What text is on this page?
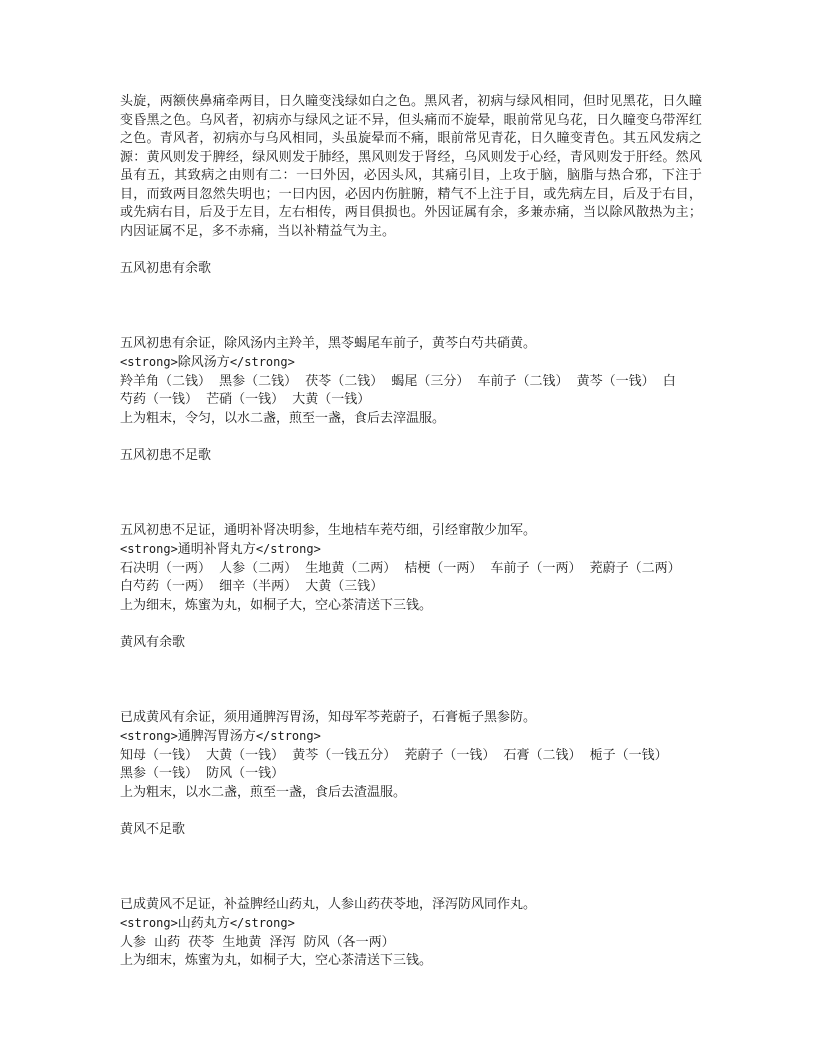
头旋，两额侠鼻痛牵两目，日久瞳变浅绿如白之色。黑风者，初病与绿风相同，但时见黑花，日久瞳变昏黑之色。乌风者，初病亦与绿风之证不异，但头痛而不旋晕，眼前常见乌花，日久瞳变乌带浑红之色。青风者，初病亦与乌风相同，头虽旋晕而不痛，眼前常见青花，日久瞳变青色。其五风发病之源：黄风则发于脾经，绿风则发于肺经，黑风则发于肾经，乌风则发于心经，青风则发于肝经。然风虽有五，其致病之由则有二：一曰外因，必因头风，其痛引目，上攻于脑，脑脂与热合邪，下注于目，而致两目忽然失明也；一曰内因，必因内伤脏腑，精气不上注于目，或先病左目，后及于右目，或先病右目，后及于左目，左右相传，两目俱损也。外因证属有余，多兼赤痛，当以除风散热为主；内因证属不足，多不赤痛，当以补精益气为主。

五风初患有余歌

五风初患有余证，除风汤内主羚羊，黑苓蝎尾车前子，黄芩白芍共硝黄。

<strong>除风汤方</strong>

羚羊角（二钱） 黑参（二钱） 茯苓（二钱） 蝎尾（三分） 车前子（二钱） 黄芩（一钱） 白

芍药（一钱） 芒硝（一钱） 大黄（一钱）

上为粗末，令匀，以水二盏，煎至一盏，食后去滓温服。

五风初患不足歌

五风初患不足证，通明补肾决明参，生地桔车茺芍细，引经窜散少加军。

<strong>通明补肾丸方</strong>

石决明（一两） 人参（二两） 生地黄（二两） 桔梗（一两） 车前子（一两） 茺蔚子（二两）

白芍药（一两） 细辛（半两） 大黄（三钱）

上为细末，炼蜜为丸，如桐子大，空心茶清送下三钱。

黄风有余歌

已成黄风有余证，须用通脾泻胃汤，知母军芩茺蔚子，石膏栀子黑参防。

<strong>通脾泻胃汤方</strong>

知母（一钱） 大黄（一钱） 黄芩（一钱五分） 茺蔚子（一钱） 石膏（二钱） 栀子（一钱）

黑参（一钱） 防风（一钱）

上为粗末，以水二盏，煎至一盏，食后去渣温服。

黄风不足歌

已成黄风不足证，补益脾经山药丸，人参山药茯苓地，泽泻防风同作丸。

<strong>山药丸方</strong>

人参 山药 茯苓 生地黄 泽泻 防风（各一两）

上为细末，炼蜜为丸，如桐子大，空心茶清送下三钱。
